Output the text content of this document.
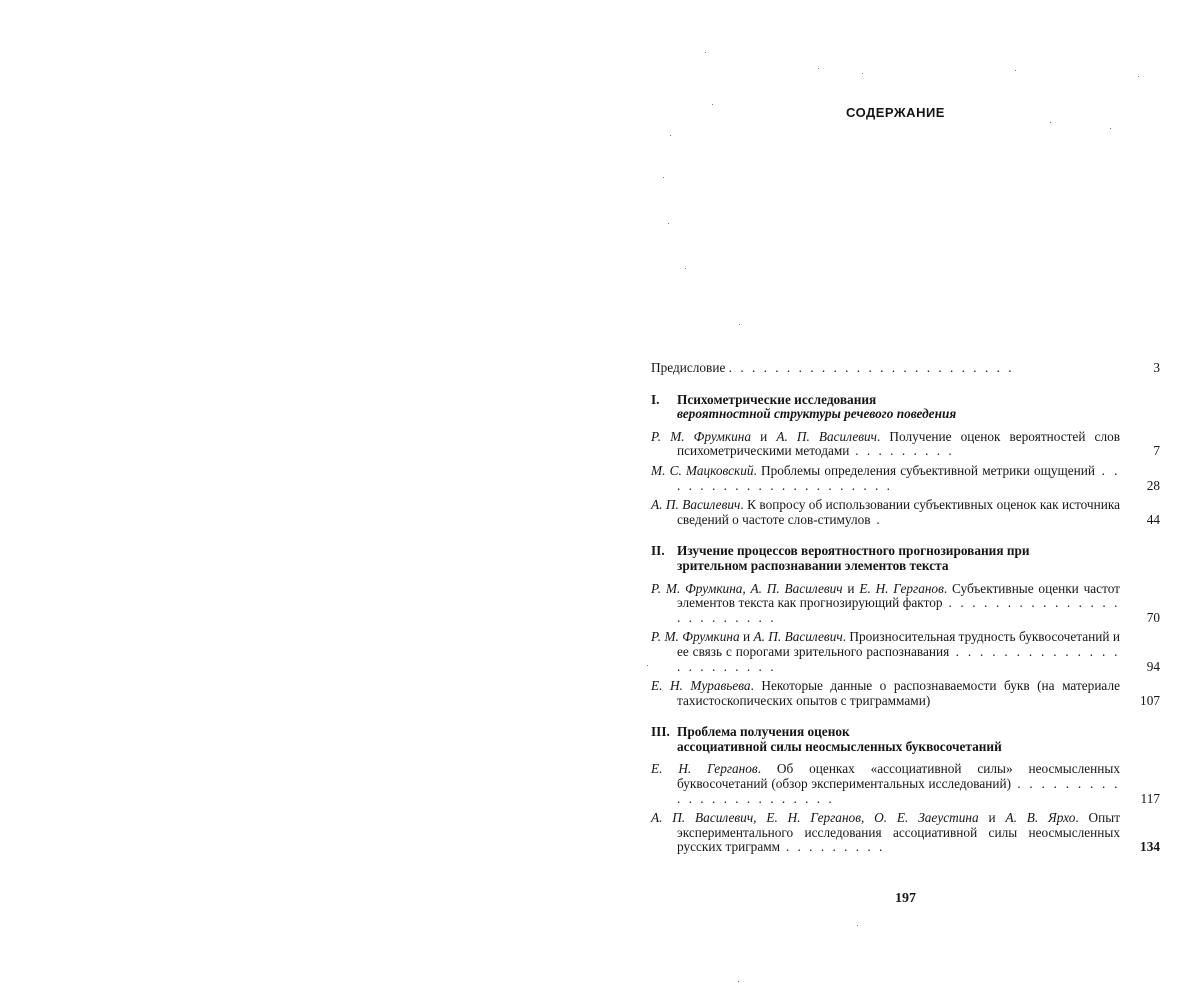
СОДЕРЖАНИЕ
Предисловие . . . . . . . . . . . . . . . . . . . . . . . . .	3
I. Психометрические исследования
вероятностной структуры речевого поведения
Р. М. Фрумкина и А. П. Василевич. Получение оценок вероятностей слов психометрическими методами . . . . . . . . .	7
М. С. Мацковский. Проблемы определения субъективной метрики ощущений . . . . . . . . . . . . . . . . . . . . .	28
А. П. Василевич. К вопросу об использовании субъективных оценок как источника сведений о частоте слов-стимулов .	44
II. Изучение процессов вероятностного прогнозирования при
зрительном распознавании элементов текста
Р. М. Фрумкина, А. П. Василевич и Е. Н. Герганов. Субъективные оценки частот элементов текста как прогнозирующий фактор . . . . . . . . . . . . . . . . . . . . . . . .	70
Р. М. Фрумкина и А. П. Василевич. Произносительная трудность буквосочетаний и ее связь с порогами зрительного распознавания . . . . . . . . . . . . . . . . . . . . . . .	94
Е. Н. Муравьева. Некоторые данные о распознаваемости букв (на материале тахистоскопических опытов с триграммами)	107
III. Проблема получения оценок
ассоциативной силы неосмысленных буквосочетаний
Е. Н. Герганов. Об оценках «ассоциативной силы» неосмысленных буквосочетаний (обзор экспериментальных исследований) . . . . . . . . . . . . . . . . . . . . . . .	117
А. П. Василевич, Е. Н. Герганов, О. Е. Заеустина и А. В. Ярхо. Опыт экспериментального исследования ассоциативной силы неосмысленных русских триграмм . . . . . . . . .	134
197
